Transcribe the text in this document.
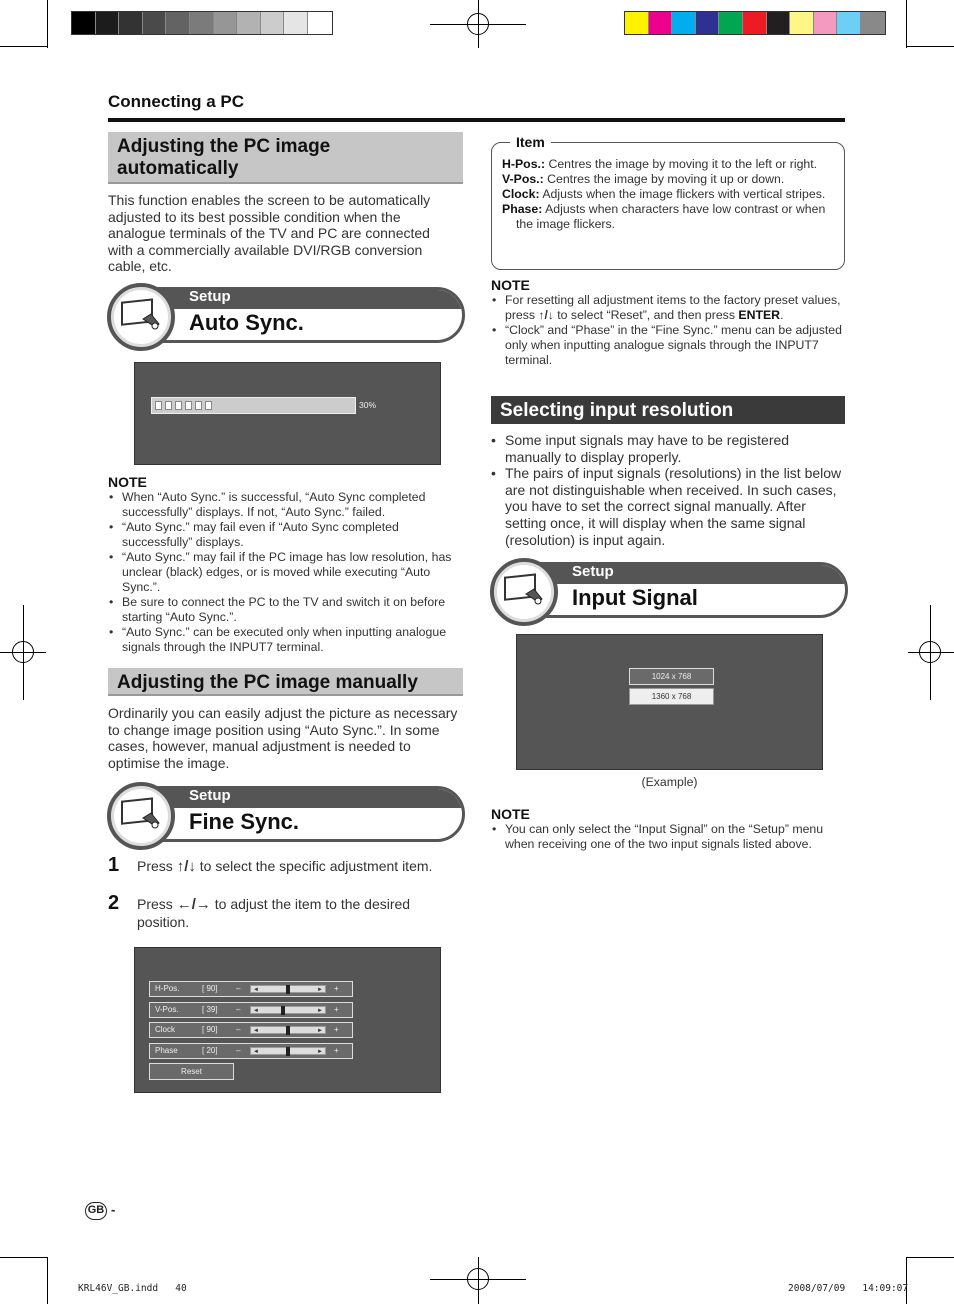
Connecting a PC
Adjusting the PC image automatically
This function enables the screen to be automatically adjusted to its best possible condition when the analogue terminals of the TV and PC are connected with a commercially available DVI/RGB conversion cable, etc.
Setup
Auto Sync.
30%
NOTE
• When “Auto Sync.” is successful, “Auto Sync completed successfully” displays. If not, “Auto Sync.” failed.
• “Auto Sync.” may fail even if “Auto Sync completed successfully” displays.
• “Auto Sync.” may fail if the PC image has low resolution, has unclear (black) edges, or is moved while executing “Auto Sync.”.
• Be sure to connect the PC to the TV and switch it on before starting “Auto Sync.”.
• “Auto Sync.” can be executed only when inputting analogue signals through the INPUT7 terminal.
Adjusting the PC image manually
Ordinarily you can easily adjust the picture as necessary to change image position using “Auto Sync.”. In some cases, however, manual adjustment is needed to optimise the image.
Setup
Fine Sync.
1 Press ↑/↓ to select the specific adjustment item.
2 Press ←/→ to adjust the item to the desired position.
Reset
H-Pos.	[ 90] – ◄	► +
V-Pos.	[ 39] – ◄	► +
Clock	[ 90] – ◄	► +
Phase	[ 20] – ◄	► +
Item
H-Pos.: Centres the image by moving it to the left or right.
V-Pos.: Centres the image by moving it up or down.
Clock: Adjusts when the image flickers with vertical stripes.
Phase: Adjusts when characters have low contrast or when the image flickers.
NOTE
• For resetting all adjustment items to the factory preset values, press ↑/↓ to select “Reset”, and then press ENTER.
• “Clock” and “Phase” in the “Fine Sync.” menu can be adjusted only when inputting analogue signals through the INPUT7 terminal.
Selecting input resolution
• Some input signals may have to be registered manually to display properly.
• The pairs of input signals (resolutions) in the list below are not distinguishable when received. In such cases, you have to set the correct signal manually. After setting once, it will display when the same signal (resolution) is input again.
Setup
Input Signal
1024 x 768
1360 x 768
(Example)
NOTE
• You can only select the “Input Signal” on the “Setup” menu when receiving one of the two input signals listed above.
GB -
KRL46V_GB.indd   40	2008/07/09   14:09:07
